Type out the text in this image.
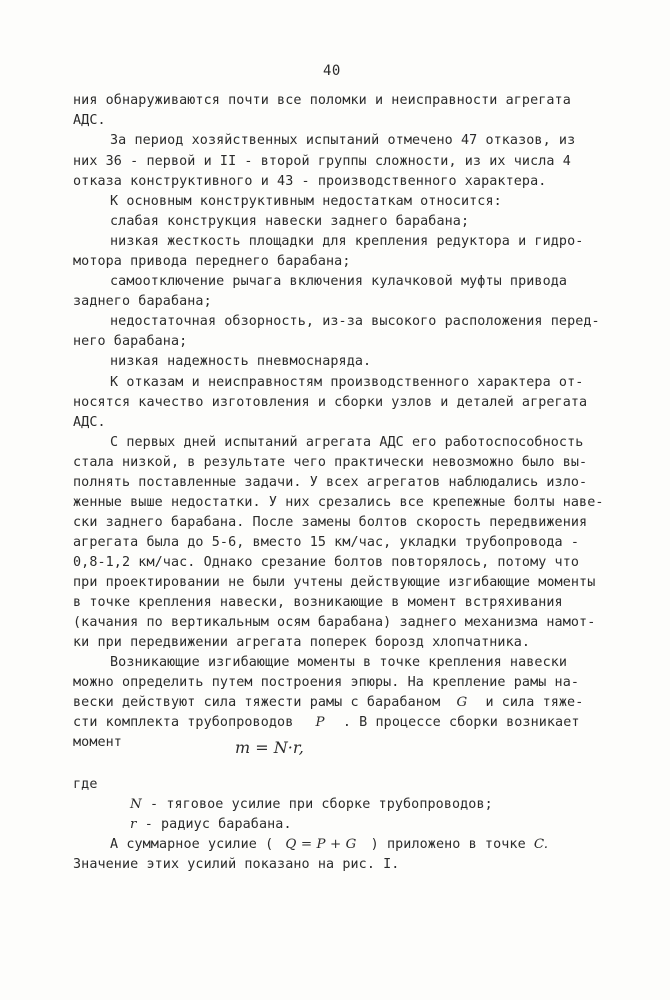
40
ния обнаруживаются почти все поломки и неисправности агрегата
АДС.
За период хозяйственных испытаний отмечено 47 отказов, из
них 36 - первой и II - второй группы сложности, из их числа 4
отказа конструктивного и 43 - производственного характера.
К основным конструктивным недостаткам относится:
слабая конструкция навески заднего барабана;
низкая жесткость площадки для крепления редуктора и гидро-
мотора привода переднего барабана;
самоотключение рычага включения кулачковой муфты привода
заднего барабана;
недостаточная обзорность, из-за высокого расположения перед-
него барабана;
низкая надежность пневмоснаряда.
К отказам и неисправностям производственного характера от-
носятся качество изготовления и сборки узлов и деталей агрегата
АДС.
С первых дней испытаний агрегата АДС его работоспособность
стала низкой, в результате чего практически невозможно было вы-
полнять поставленные задачи. У всех агрегатов наблюдались изло-
женные выше недостатки. У них срезались все крепежные болты наве-
ски заднего барабана. После замены болтов скорость передвижения
агрегата была до 5-6, вместо 15 км/час, укладки трубопровода -
0,8-1,2 км/час. Однако срезание болтов повторялось, потому что
при проектировании не были учтены действующие изгибающие моменты
в точке крепления навески, возникающие в момент встряхивания
(качания по вертикальным осям барабана) заднего механизма намот-
ки при передвижении агрегата поперек борозд хлопчатника.
Возникающие изгибающие моменты в точке крепления навески
можно определить путем построения эпюры. На крепление рамы на-
вески действуют сила тяжести рамы с барабаном G и сила тяже-
сти комплекта трубопроводов P . В процессе сборки возникает
момент	m = N·r,
где
N - тяговое усилие при сборке трубопроводов;
r - радиус барабана.
А суммарное усилие ( Q = P + G ) приложено в точке C.
Значение этих усилий показано на рис. I.
